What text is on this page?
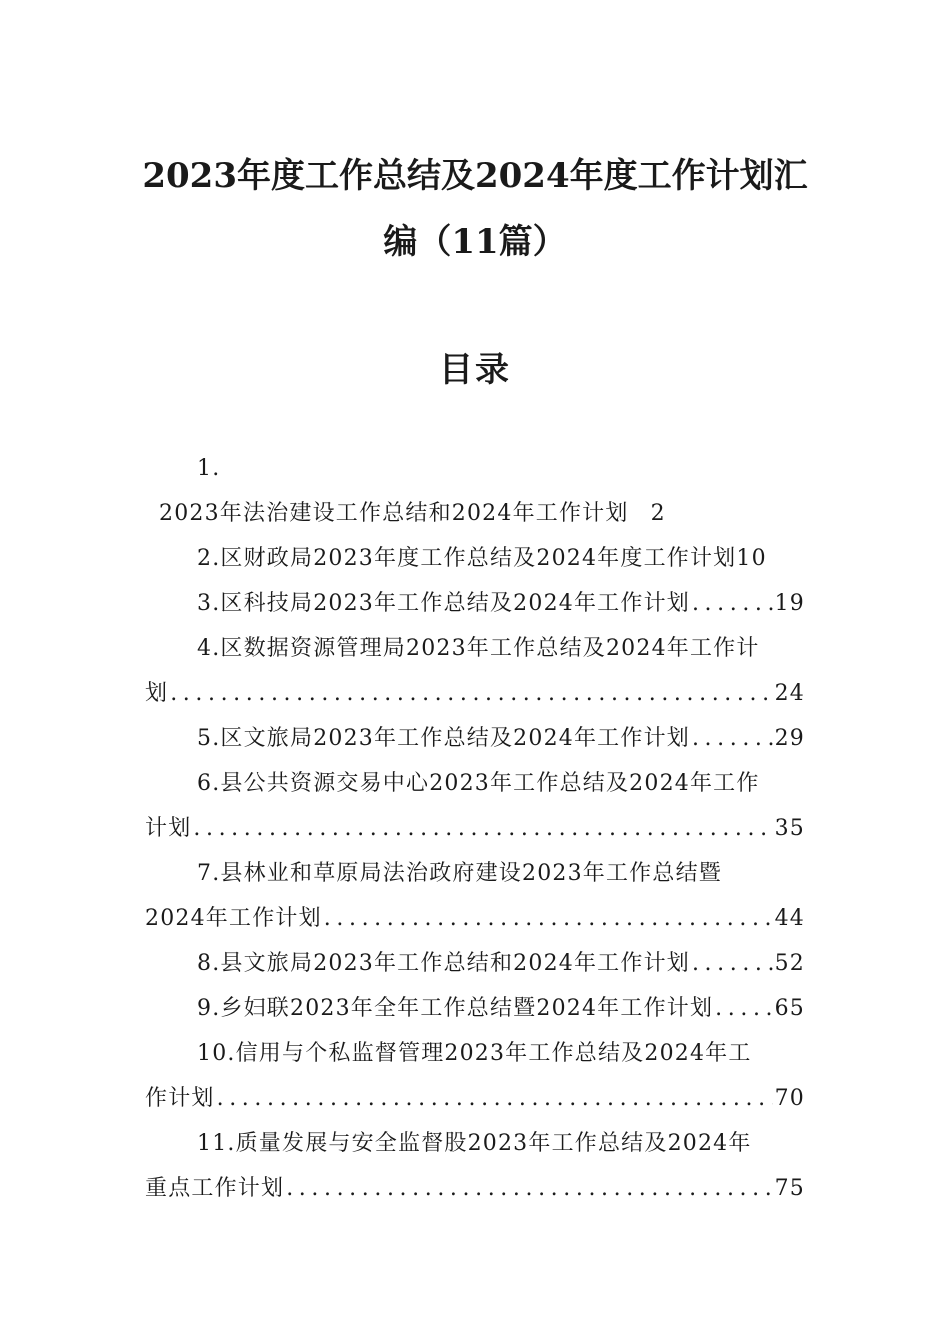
2023年度工作总结及2024年度工作计划汇
编（11篇）
目录
1.
2023年法治建设工作总结和2024年工作计划 2
2.区财政局2023年度工作总结及2024年度工作计划 10
3.区科技局2023年工作总结及2024年工作计划 .....	19
4.区数据资源管理局2023年工作总结及2024年工作计
划 .....	24
5.区文旅局2023年工作总结及2024年工作计划 .....	29
6.县公共资源交易中心2023年工作总结及2024年工作
计划 .....	35
7.县林业和草原局法治政府建设2023年工作总结暨
2024年工作计划 .....	44
8.县文旅局2023年工作总结和2024年工作计划 .....	52
9.乡妇联2023年全年工作总结暨2024年工作计划 .....	65
10.信用与个私监督管理2023年工作总结及2024年工
作计划 .....	70
11.质量发展与安全监督股2023年工作总结及2024年
重点工作计划 .....	75
